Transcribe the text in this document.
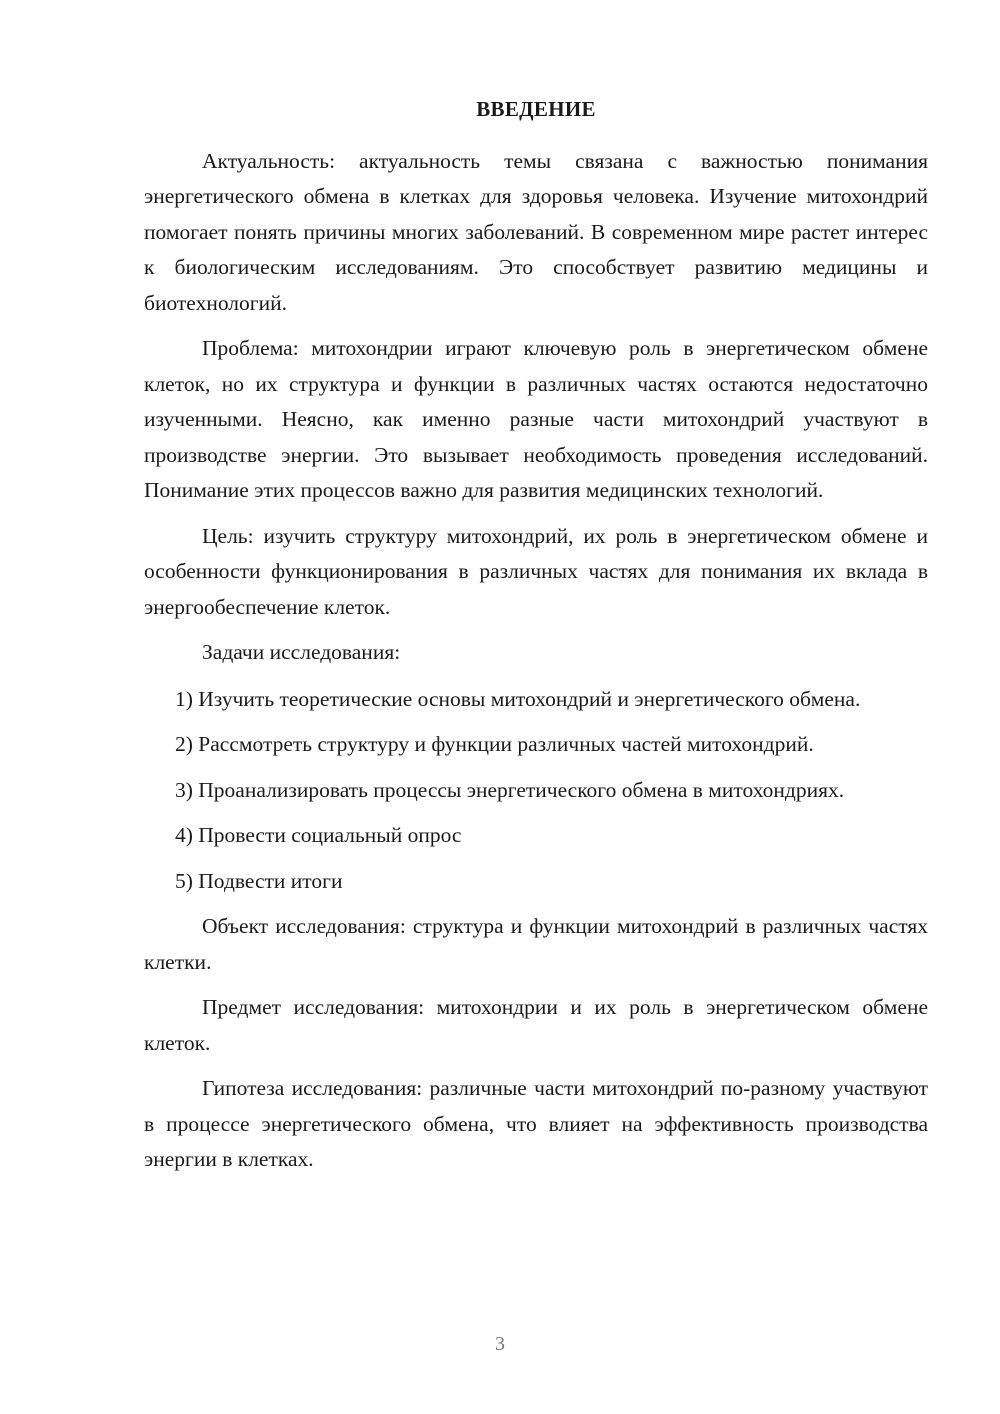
ВВЕДЕНИЕ

Актуальность: актуальность темы связана с важностью понимания энергетического обмена в клетках для здоровья человека. Изучение митохондрий помогает понять причины многих заболеваний. В современном мире растет интерес к биологическим исследованиям. Это способствует развитию медицины и биотехнологий.

Проблема: митохондрии играют ключевую роль в энергетическом обмене клеток, но их структура и функции в различных частях остаются недостаточно изученными. Неясно, как именно разные части митохондрий участвуют в производстве энергии. Это вызывает необходимость проведения исследований. Понимание этих процессов важно для развития медицинских технологий.

Цель: изучить структуру митохондрий, их роль в энергетическом обмене и особенности функционирования в различных частях для понимания их вклада в энергообеспечение клеток.

Задачи исследования:

1) Изучить теоретические основы митохондрий и энергетического обмена.

2) Рассмотреть структуру и функции различных частей митохондрий.

3) Проанализировать процессы энергетического обмена в митохондриях.

4) Провести социальный опрос

5) Подвести итоги

Объект исследования: структура и функции митохондрий в различных частях клетки.

Предмет исследования: митохондрии и их роль в энергетическом обмене клеток.

Гипотеза исследования: различные части митохондрий по-разному участвуют в процессе энергетического обмена, что влияет на эффективность производства энергии в клетках.

3
